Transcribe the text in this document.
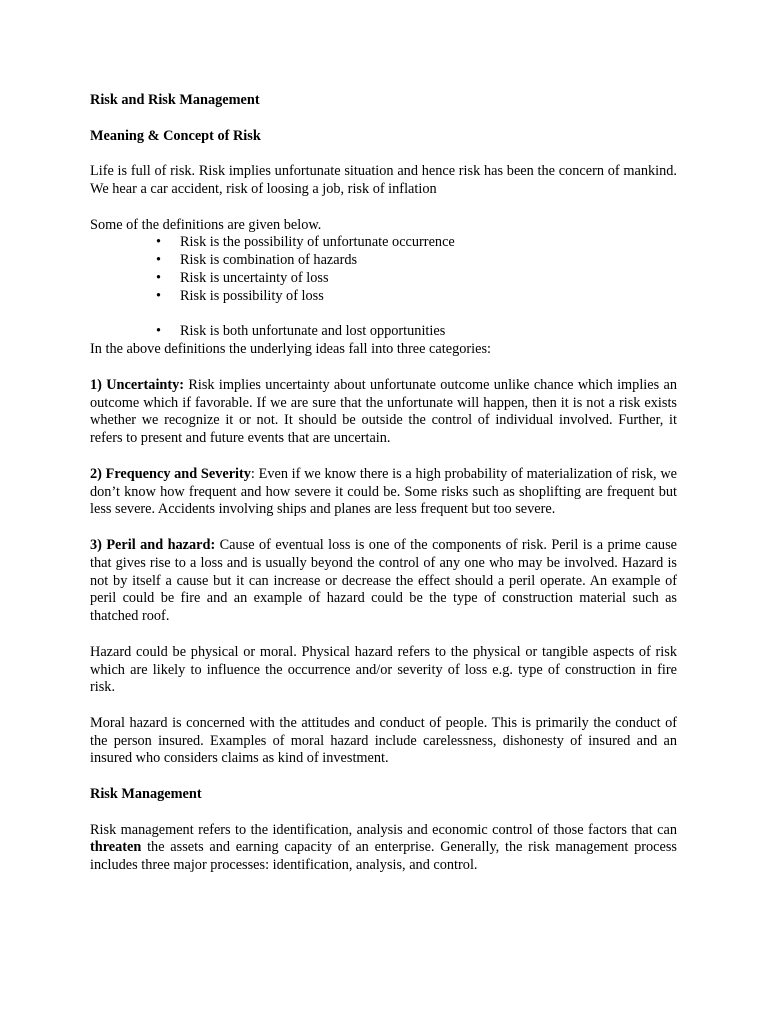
Risk and Risk Management
Meaning & Concept of Risk

Life is full of risk. Risk implies unfortunate situation and hence risk has been the concern of mankind. We hear a car accident, risk of loosing a job, risk of inflation

Some of the definitions are given below.

• Risk is the possibility of unfortunate occurrence
• Risk is combination of hazards
• Risk is uncertainty of loss
• Risk is possibility of loss
• Risk is both unfortunate and lost opportunities

In the above definitions the underlying ideas fall into three categories:

1) Uncertainty: Risk implies uncertainty about unfortunate outcome unlike chance which implies an outcome which if favorable. If we are sure that the unfortunate will happen, then it is not a risk exists whether we recognize it or not. It should be outside the control of individual involved. Further, it refers to present and future events that are uncertain.

2) Frequency and Severity: Even if we know there is a high probability of materialization of risk, we don’t know how frequent and how severe it could be. Some risks such as shoplifting are frequent but less severe. Accidents involving ships and planes are less frequent but too severe.

3) Peril and hazard: Cause of eventual loss is one of the components of risk. Peril is a prime cause that gives rise to a loss and is usually beyond the control of any one who may be involved. Hazard is not by itself a cause but it can increase or decrease the effect should a peril operate. An example of peril could be fire and an example of hazard could be the type of construction material such as thatched roof.

Hazard could be physical or moral. Physical hazard refers to the physical or tangible aspects of risk which are likely to influence the occurrence and/or severity of loss e.g. type of construction in fire risk.

Moral hazard is concerned with the attitudes and conduct of people. This is primarily the conduct of the person insured. Examples of moral hazard include carelessness, dishonesty of insured and an insured who considers claims as kind of investment.

Risk Management

Risk management refers to the identification, analysis and economic control of those factors that can threaten the assets and earning capacity of an enterprise. Generally, the risk management process includes three major processes: identification, analysis, and control.
